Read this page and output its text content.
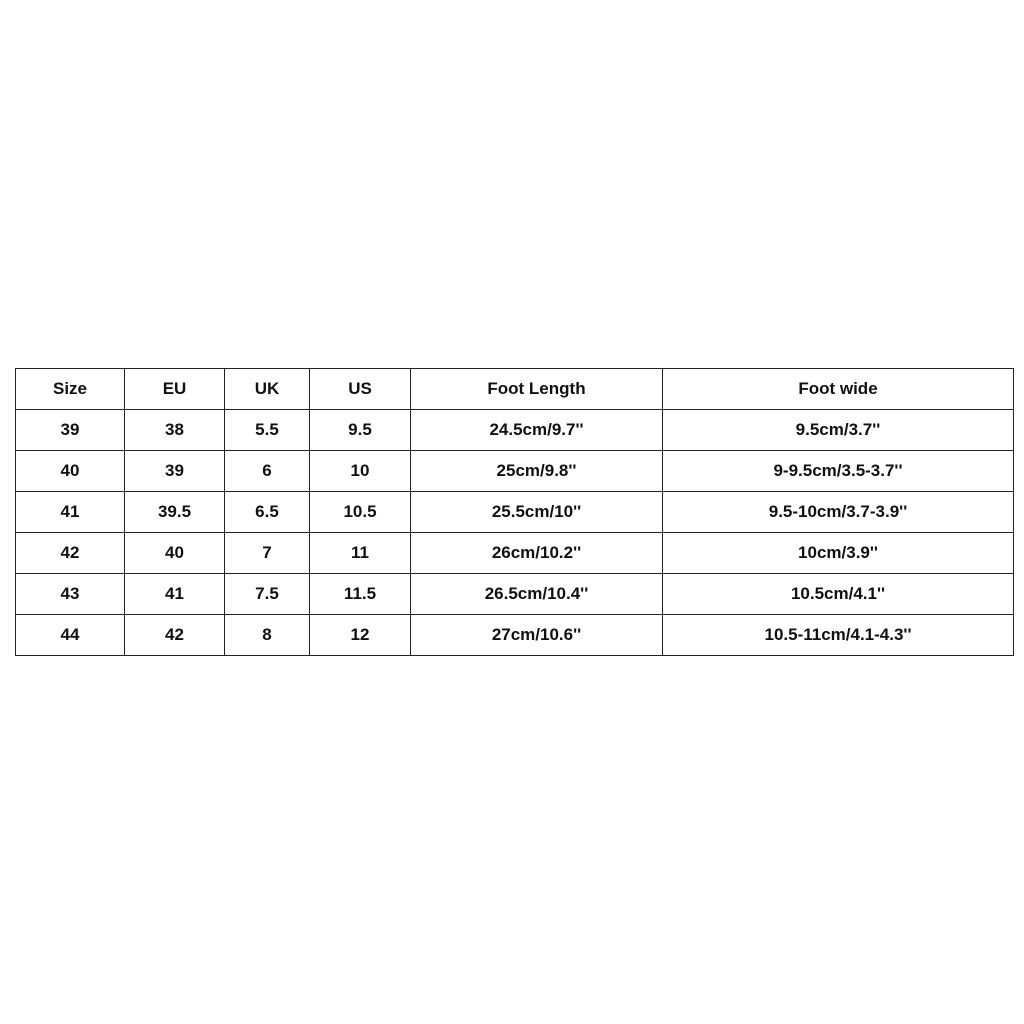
Size	EU	UK	US	Foot Length	Foot wide
39	38	5.5	9.5	24.5cm/9.7''	9.5cm/3.7''
40	39	6	10	25cm/9.8''	9-9.5cm/3.5-3.7''
41	39.5	6.5	10.5	25.5cm/10''	9.5-10cm/3.7-3.9''
42	40	7	11	26cm/10.2''	10cm/3.9''
43	41	7.5	11.5	26.5cm/10.4''	10.5cm/4.1''
44	42	8	12	27cm/10.6''	10.5-11cm/4.1-4.3''
